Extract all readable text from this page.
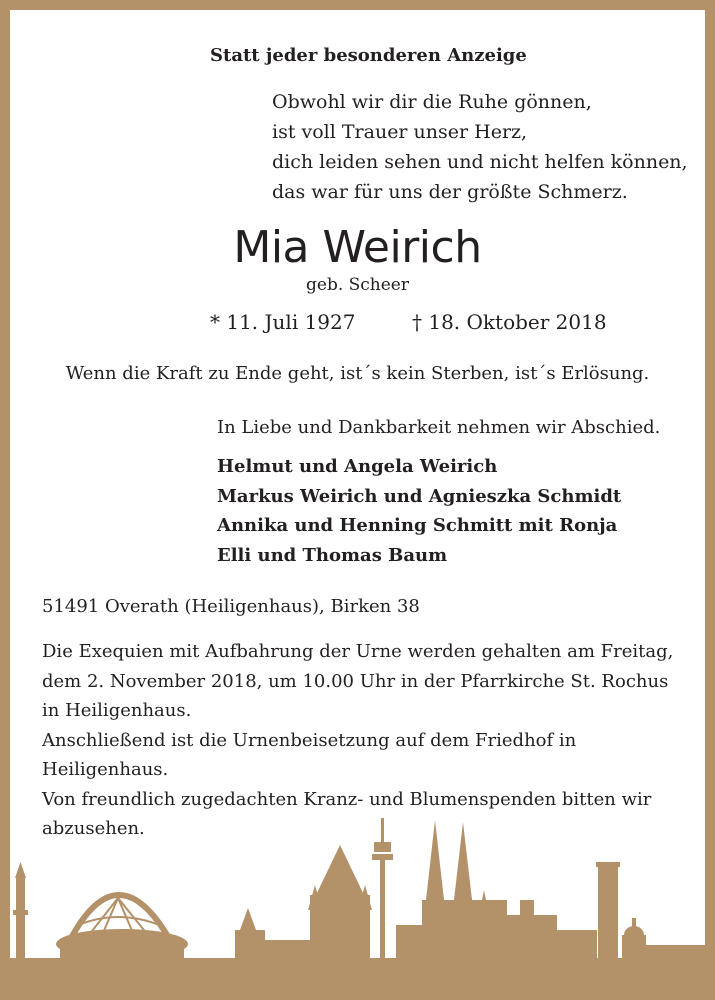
Statt jeder besonderen Anzeige
Obwohl wir dir die Ruhe gönnen,
ist voll Trauer unser Herz,
dich leiden sehen und nicht helfen können,
das war für uns der größte Schmerz.
Mia Weirich
geb. Scheer
* 11. Juli 1927	† 18. Oktober 2018
Wenn die Kraft zu Ende geht, ist´s kein Sterben, ist´s Erlösung.
In Liebe und Dankbarkeit nehmen wir Abschied.
Helmut und Angela Weirich
Markus Weirich und Agnieszka Schmidt
Annika und Henning Schmitt mit Ronja
Elli und Thomas Baum
51491 Overath (Heiligenhaus), Birken 38
Die Exequien mit Aufbahrung der Urne werden gehalten am Freitag,
dem 2. November 2018, um 10.00 Uhr in der Pfarrkirche St. Rochus
in Heiligenhaus.
Anschließend ist die Urnenbeisetzung auf dem Friedhof in
Heiligenhaus.
Von freundlich zugedachten Kranz- und Blumenspenden bitten wir
abzusehen.
